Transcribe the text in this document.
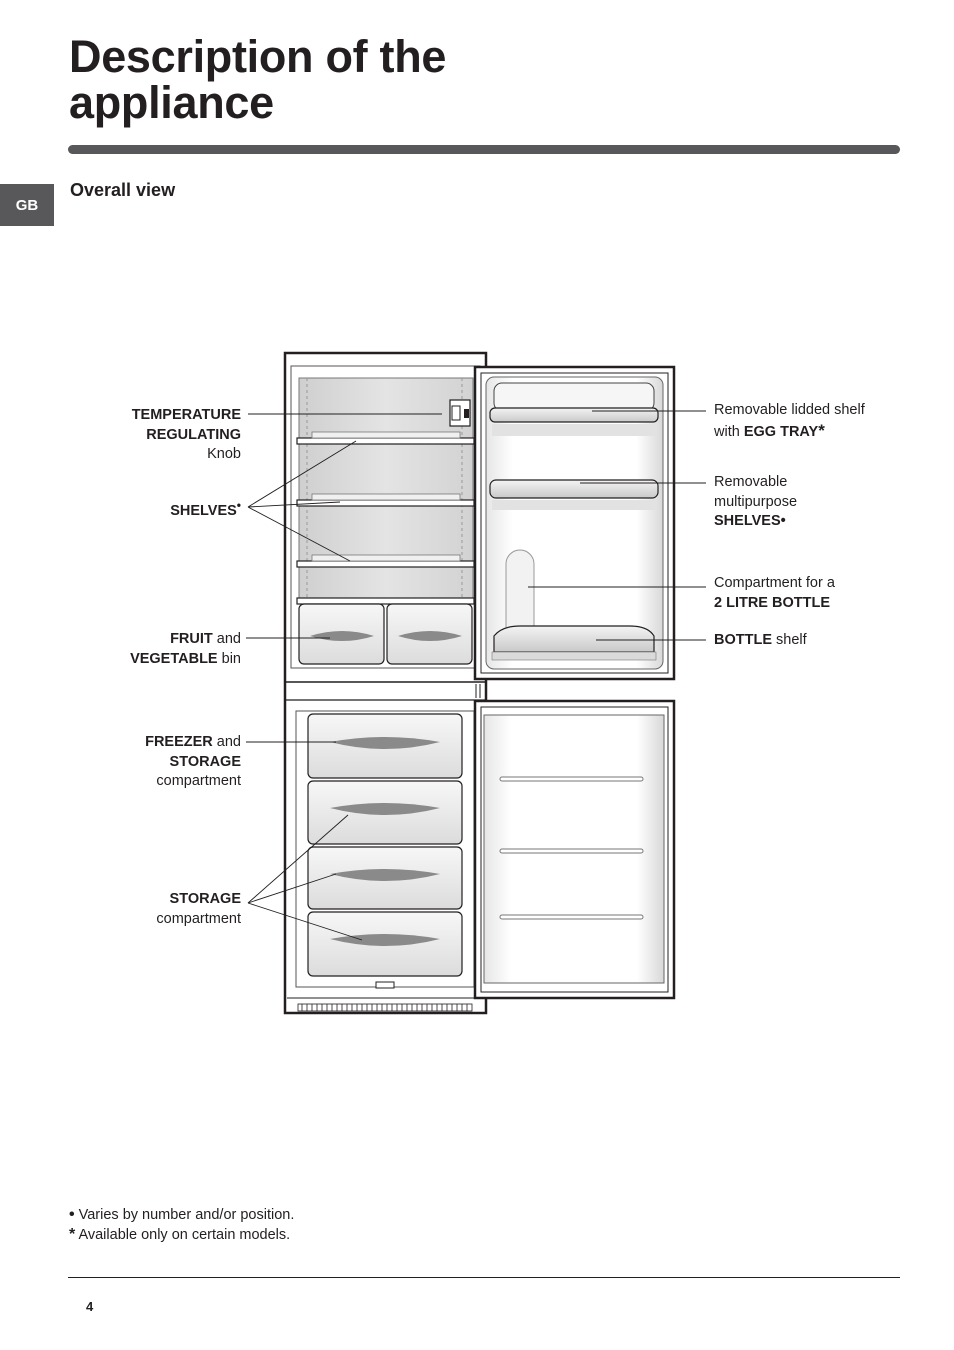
Description of the
appliance
GB
Overall view
TEMPERATURE
REGULATING
Knob
SHELVES•
FRUIT and
VEGETABLE bin
FREEZER and
STORAGE
compartment
STORAGE
compartment
Removable lidded shelf
with EGG TRAY*
Removable
multipurpose
SHELVES•
Compartment for a
2 LITRE BOTTLE
BOTTLE shelf
• Varies by number and/or position.
* Available only on certain models.
4
